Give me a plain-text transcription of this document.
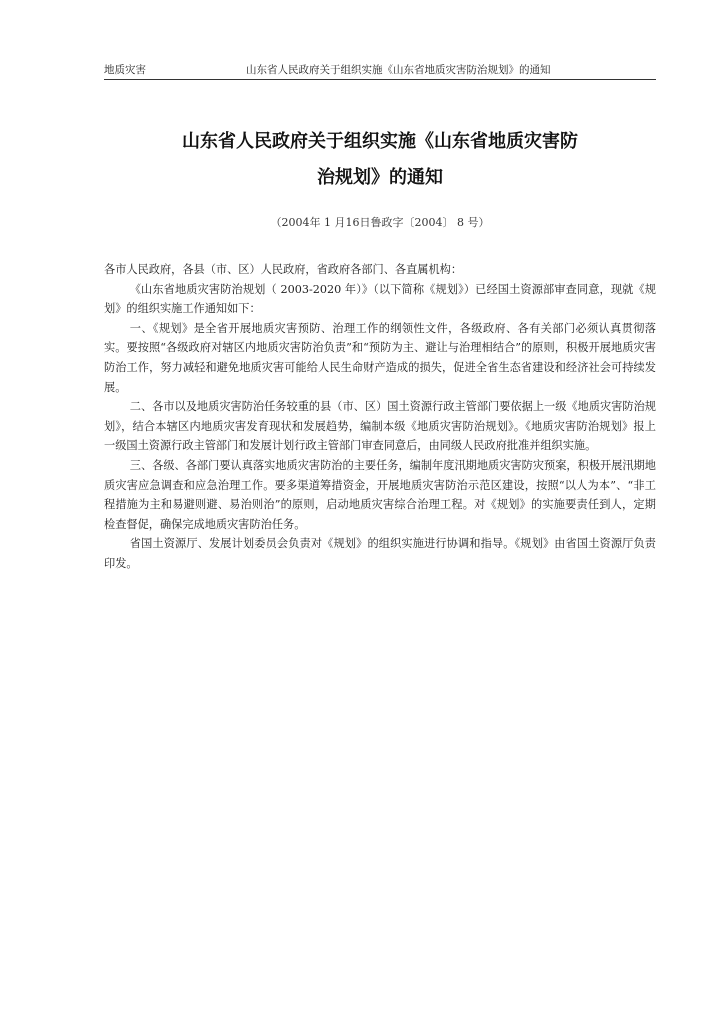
地质灾害	山东省人民政府关于组织实施《山东省地质灾害防治规划》的通知
山东省人民政府关于组织实施《山东省地质灾害防
治规划》的通知
（2004年 1 月16日鲁政字〔2004〕 8 号）

各市人民政府，各县（市、区）人民政府，省政府各部门、各直属机构：

《山东省地质灾害防治规划（ 2003-2020 年）》（以下简称《规划》）已经国土资源部审查同意，现就《规划》的组织实施工作通知如下：

一、《规划》是全省开展地质灾害预防、治理工作的纲领性文件，各级政府、各有关部门必须认真贯彻落实。要按照“各级政府对辖区内地质灾害防治负责”和“预防为主、避让与治理相结合”的原则，积极开展地质灾害防治工作，努力减轻和避免地质灾害可能给人民生命财产造成的损失，促进全省生态省建设和经济社会可持续发展。

二、各市以及地质灾害防治任务较重的县（市、区）国土资源行政主管部门要依据上一级《地质灾害防治规划》，结合本辖区内地质灾害发育现状和发展趋势，编制本级《地质灾害防治规划》。《地质灾害防治规划》报上一级国土资源行政主管部门和发展计划行政主管部门审查同意后，由同级人民政府批准并组织实施。

三、各级、各部门要认真落实地质灾害防治的主要任务，编制年度汛期地质灾害防灾预案，积极开展汛期地质灾害应急调查和应急治理工作。要多渠道筹措资金，开展地质灾害防治示范区建设，按照“以人为本”、“非工程措施为主和易避则避、易治则治”的原则，启动地质灾害综合治理工程。对《规划》的实施要责任到人，定期检查督促，确保完成地质灾害防治任务。

省国土资源厅、发展计划委员会负责对《规划》的组织实施进行协调和指导。《规划》由省国土资源厅负责印发。
